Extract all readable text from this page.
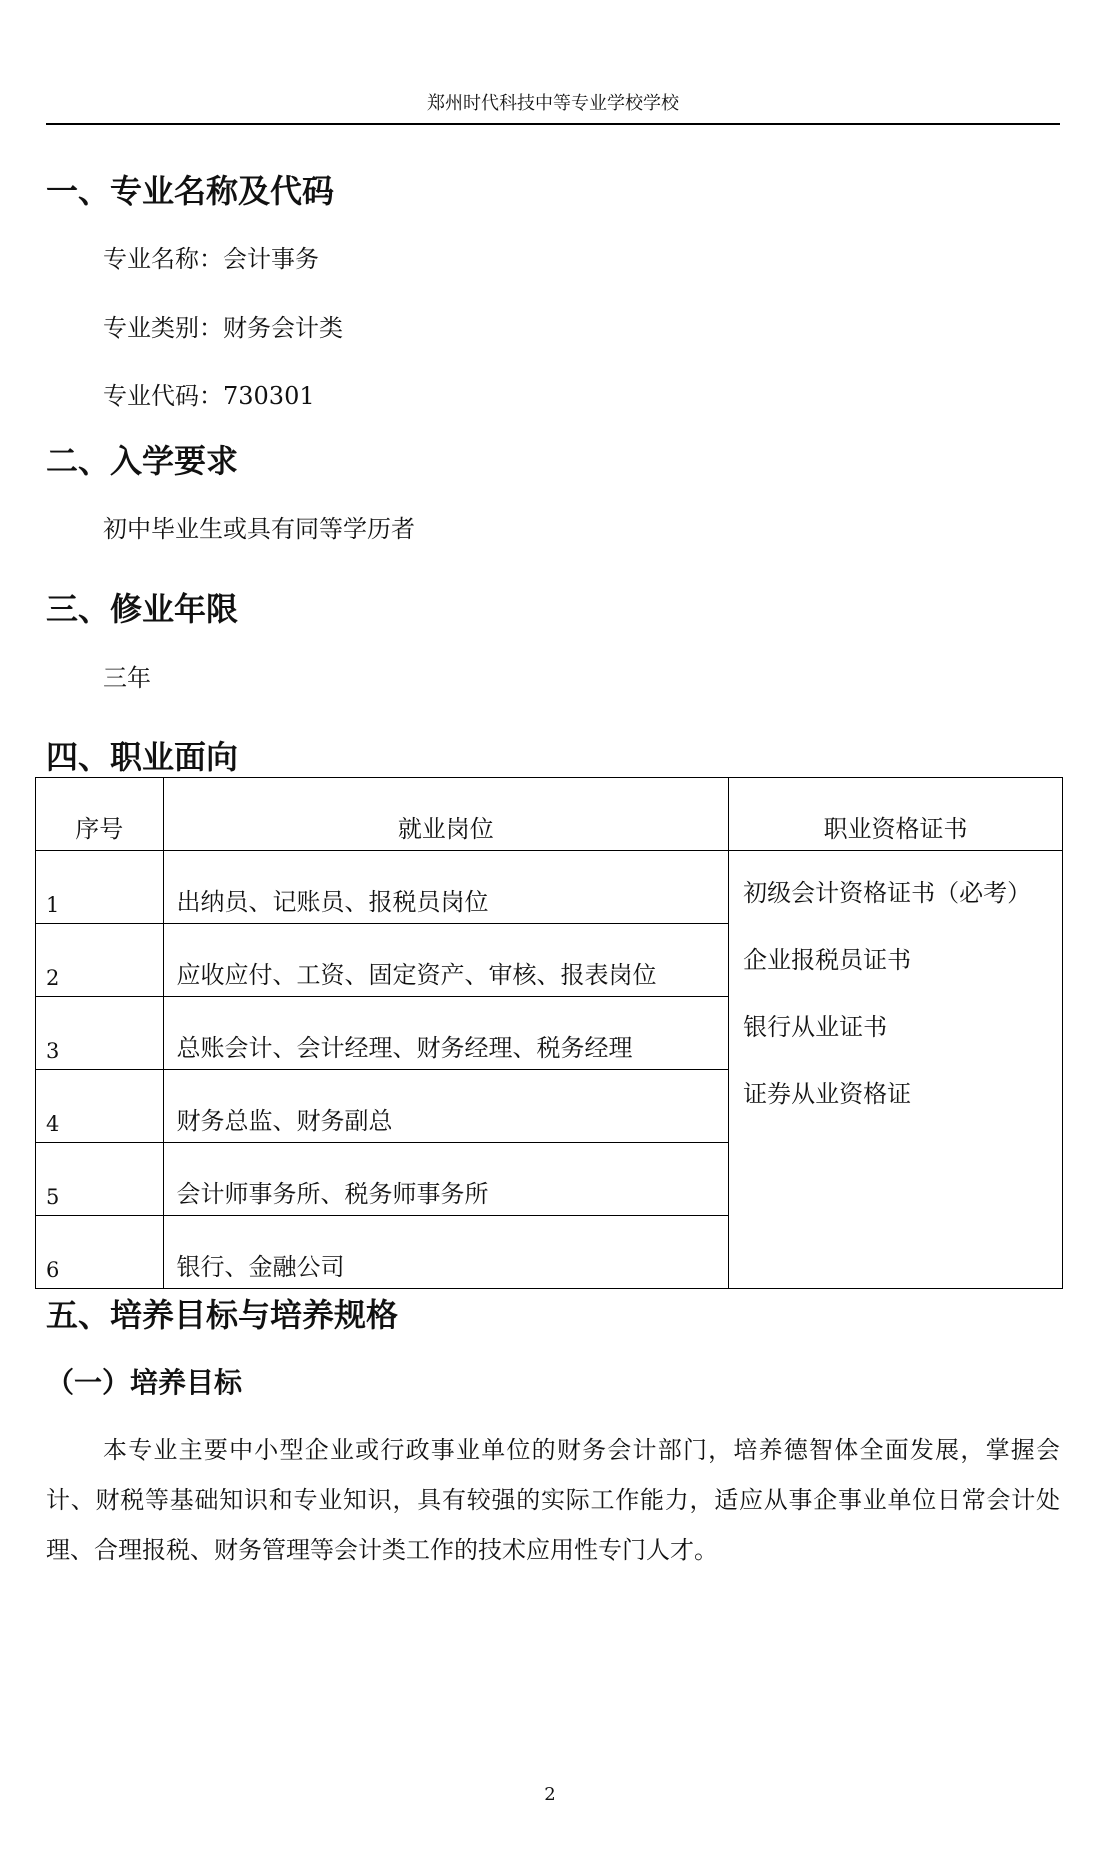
郑州时代科技中等专业学校学校
一、专业名称及代码
专业名称：会计事务
专业类别：财务会计类
专业代码：730301
二、入学要求
初中毕业生或具有同等学历者
三、修业年限
三年
四、职业面向
序号	就业岗位	职业资格证书
1	出纳员、记账员、报税员岗位	初级会计资格证书（必考）
企业报税员证书
银行从业证书
证券从业资格证

2	应收应付、工资、固定资产、审核、报表岗位	
3	总账会计、会计经理、财务经理、税务经理	
4	财务总监、财务副总	
5	会计师事务所、税务师事务所	
6	银行、金融公司	
五、培养目标与培养规格
（一）培养目标

本专业主要中小型企业或行政事业单位的财务会计部门，培养德智体全面发展，掌握会计、财税等基础知识和专业知识，具有较强的实际工作能力，适应从事企事业单位日常会计处理、合理报税、财务管理等会计类工作的技术应用性专门人才。

2
